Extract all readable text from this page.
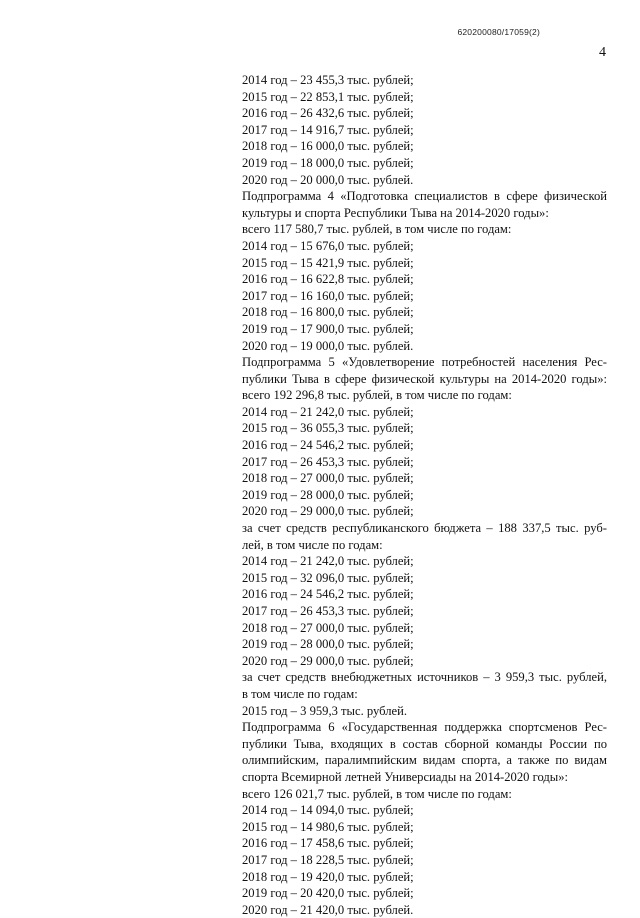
620200080/17059(2)
4
2014 год – 23 455,3 тыс. рублей;
2015 год – 22 853,1 тыс. рублей;
2016 год – 26 432,6 тыс. рублей;
2017 год – 14 916,7 тыс. рублей;
2018 год – 16 000,0 тыс. рублей;
2019 год – 18 000,0 тыс. рублей;
2020 год – 20 000,0 тыс. рублей.
Подпрограмма 4 «Подготовка специалистов в сфере физической
культуры и спорта Республики Тыва на 2014-2020 годы»:
всего 117 580,7 тыс. рублей, в том числе по годам:
2014 год – 15 676,0 тыс. рублей;
2015 год – 15 421,9 тыс. рублей;
2016 год – 16 622,8 тыс. рублей;
2017 год – 16 160,0 тыс. рублей;
2018 год – 16 800,0 тыс. рублей;
2019 год – 17 900,0 тыс. рублей;
2020 год – 19 000,0 тыс. рублей.
Подпрограмма 5 «Удовлетворение потребностей населения Рес-
публики Тыва в сфере физической культуры на 2014-2020 годы»:
всего 192 296,8 тыс. рублей, в том числе по годам:
2014 год – 21 242,0 тыс. рублей;
2015 год – 36 055,3 тыс. рублей;
2016 год – 24 546,2 тыс. рублей;
2017 год – 26 453,3 тыс. рублей;
2018 год – 27 000,0 тыс. рублей;
2019 год – 28 000,0 тыс. рублей;
2020 год – 29 000,0 тыс. рублей;
за счет средств республиканского бюджета – 188 337,5 тыс. руб-
лей, в том числе по годам:
2014 год – 21 242,0 тыс. рублей;
2015 год – 32 096,0 тыс. рублей;
2016 год – 24 546,2 тыс. рублей;
2017 год – 26 453,3 тыс. рублей;
2018 год – 27 000,0 тыс. рублей;
2019 год – 28 000,0 тыс. рублей;
2020 год – 29 000,0 тыс. рублей;
за счет средств внебюджетных источников – 3 959,3 тыс. рублей,
в том числе по годам:
2015 год – 3 959,3 тыс. рублей.
Подпрограмма 6 «Государственная поддержка спортсменов Рес-
публики Тыва, входящих в состав сборной команды России по
олимпийским, паралимпийским видам спорта, а также по видам
спорта Всемирной летней Универсиады на 2014-2020 годы»:
всего 126 021,7 тыс. рублей, в том числе по годам:
2014 год – 14 094,0 тыс. рублей;
2015 год – 14 980,6 тыс. рублей;
2016 год – 17 458,6 тыс. рублей;
2017 год – 18 228,5 тыс. рублей;
2018 год – 19 420,0 тыс. рублей;
2019 год – 20 420,0 тыс. рублей;
2020 год – 21 420,0 тыс. рублей.
